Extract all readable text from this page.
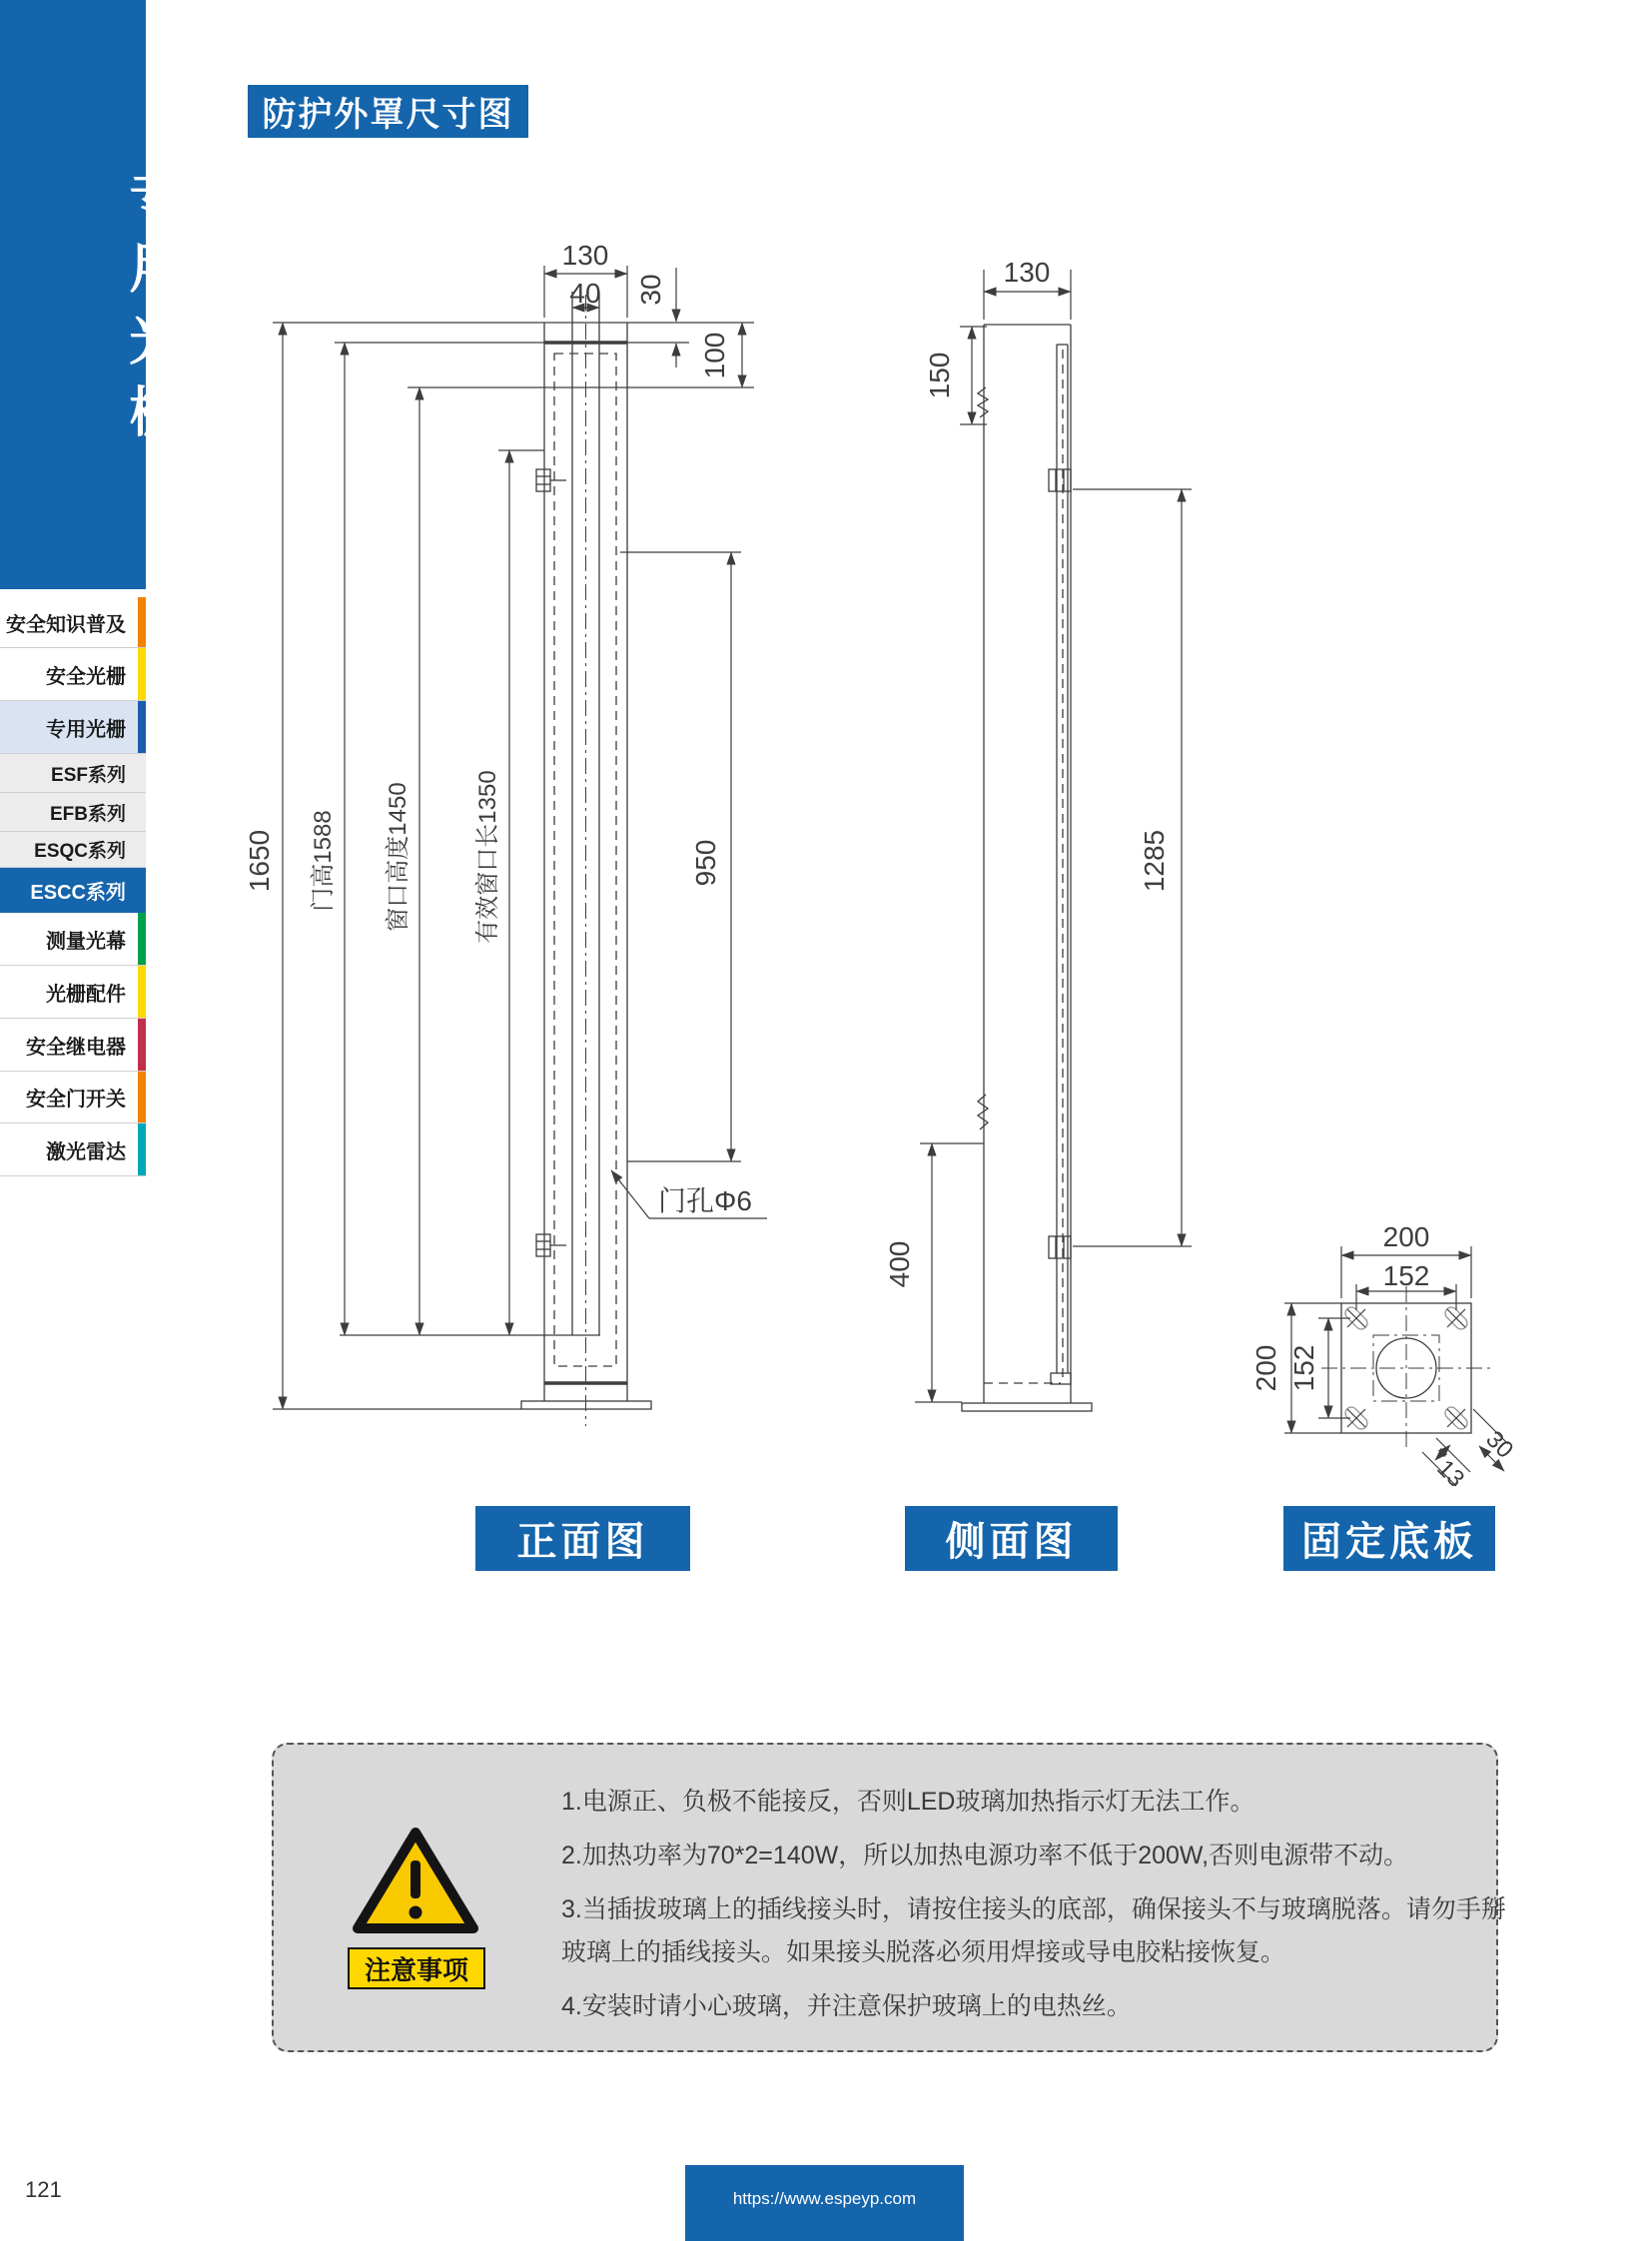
专用光栅
安全知识普及
安全光栅
专用光栅
ESF系列
EFB系列
ESQC系列
ESCC系列
测量光幕
光栅配件
安全继电器
安全门开关
激光雷达
防护外罩尺寸图
130
40 30
100
1650 门高1588 窗口高度1450	有效窗口长1350	950
门孔Φ6
130
150
1285
400
200
152
200 152
13
30
正面图	侧面图	固定底板
注意事项

1.电源正、负极不能接反，否则LED玻璃加热指示灯无法工作。

2.加热功率为70*2=140W，所以加热电源功率不低于200W,否则电源带不动。

3.当插拔玻璃上的插线接头时，请按住接头的底部，确保接头不与玻璃脱落。请勿手掰玻璃上的插线接头。如果接头脱落必须用焊接或导电胶粘接恢复。

4.安装时请小心玻璃，并注意保护玻璃上的电热丝。

121	https://www.espeyp.com
